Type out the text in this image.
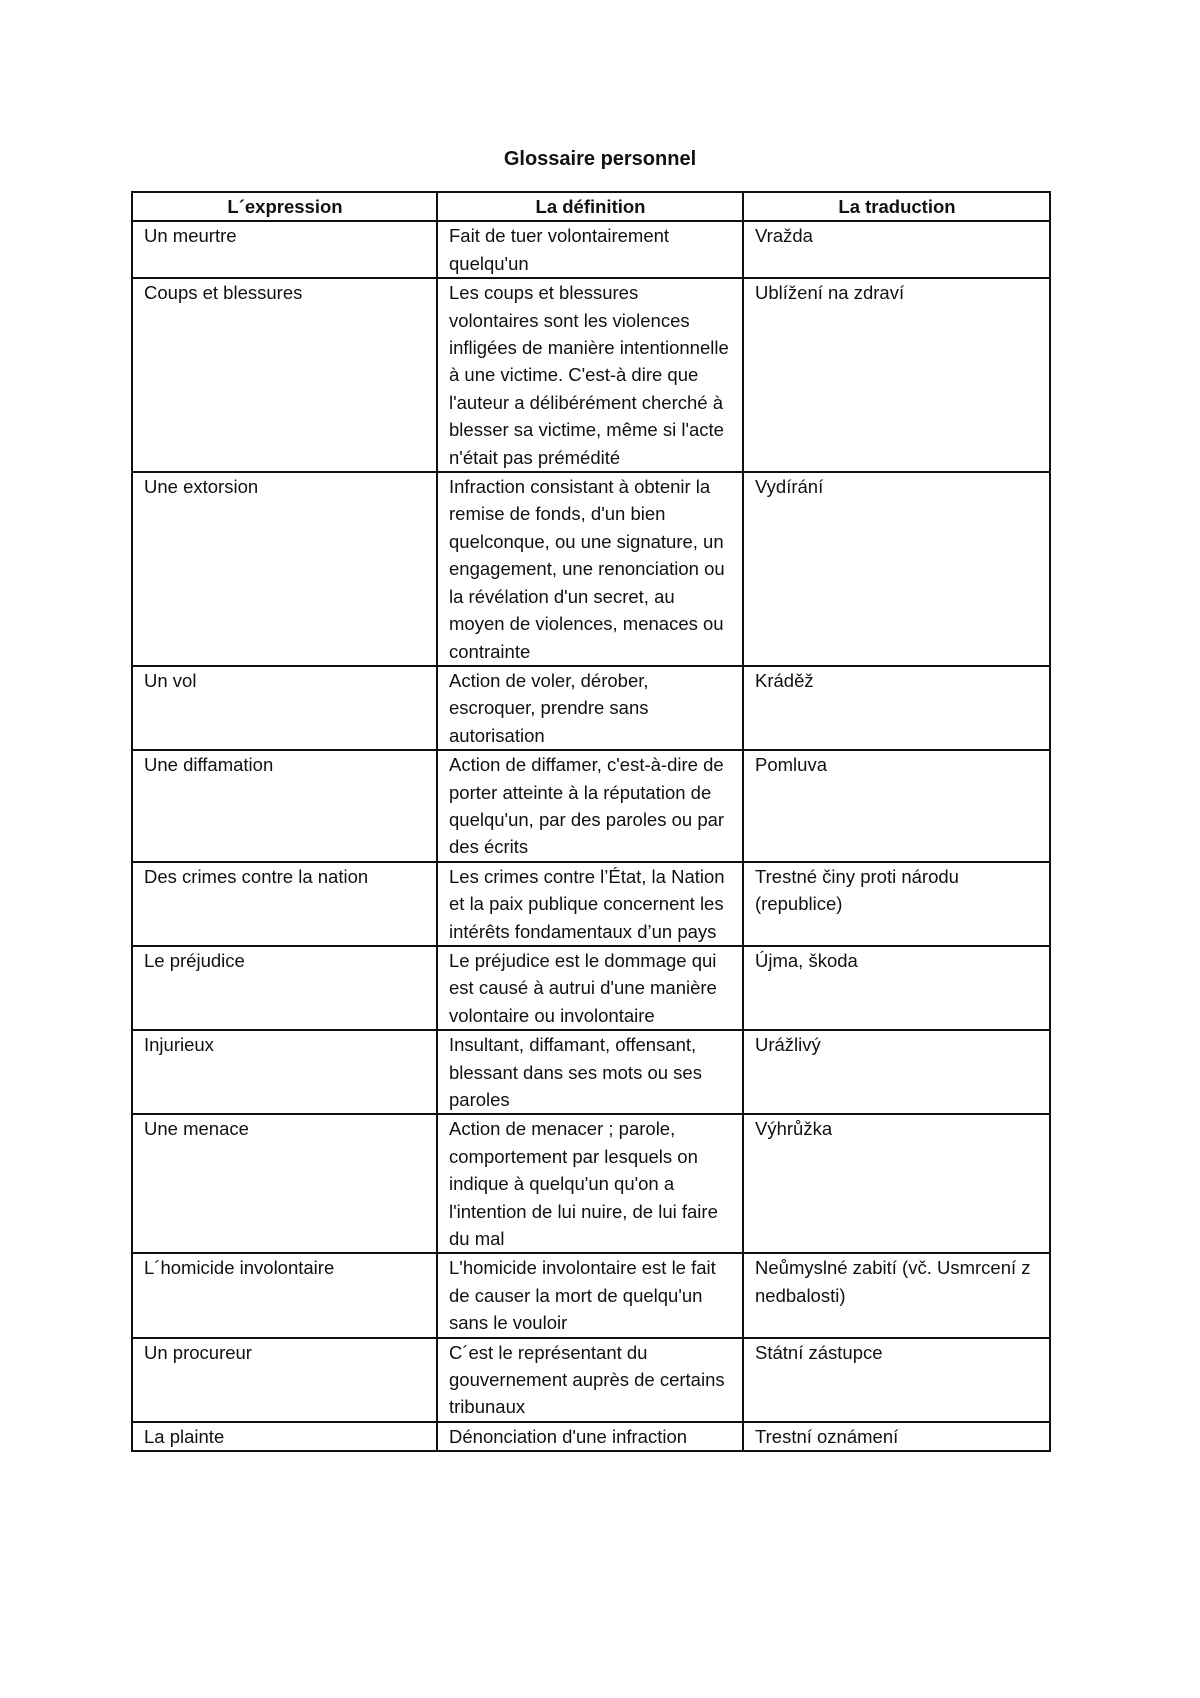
Glossaire personnel
L´expression	La définition	La traduction
Un meurtre	Fait de tuer volontairement quelqu'un	Vražda
Coups et blessures	Les coups et blessures volontaires sont les violences infligées de manière intentionnelle à une victime. C'est-à dire que l'auteur a délibérément cherché à blesser sa victime, même si l'acte n'était pas prémédité	Ublížení na zdraví
Une extorsion	Infraction consistant à obtenir la remise de fonds, d'un bien quelconque, ou une signature, un engagement, une renonciation ou la révélation d'un secret, au moyen de violences, menaces ou contrainte	Vydírání
Un vol	Action de voler, dérober, escroquer, prendre sans autorisation	Kráděž
Une diffamation	Action de diffamer, c'est-à-dire de porter atteinte à la réputation de quelqu'un, par des paroles ou par des écrits	Pomluva
Des crimes contre la nation	Les crimes contre l’État, la Nation et la paix publique concernent les intérêts fondamentaux d’un pays	Trestné činy proti národu (republice)
Le préjudice	Le préjudice est le dommage qui est causé à autrui d'une manière volontaire ou involontaire	Újma, škoda
Injurieux	Insultant, diffamant, offensant, blessant dans ses mots ou ses paroles	Urážlivý
Une menace	Action de menacer ; parole, comportement par lesquels on indique à quelqu'un qu'on a l'intention de lui nuire, de lui faire du mal	Výhrůžka
L´homicide involontaire	L'homicide involontaire est le fait de causer la mort de quelqu'un sans le vouloir	Neůmyslné zabití (vč. Usmrcení z nedbalosti)
Un procureur	C´est le représentant du gouvernement auprès de certains tribunaux	Státní zástupce
La plainte	Dénonciation d'une infraction	Trestní oznámení
